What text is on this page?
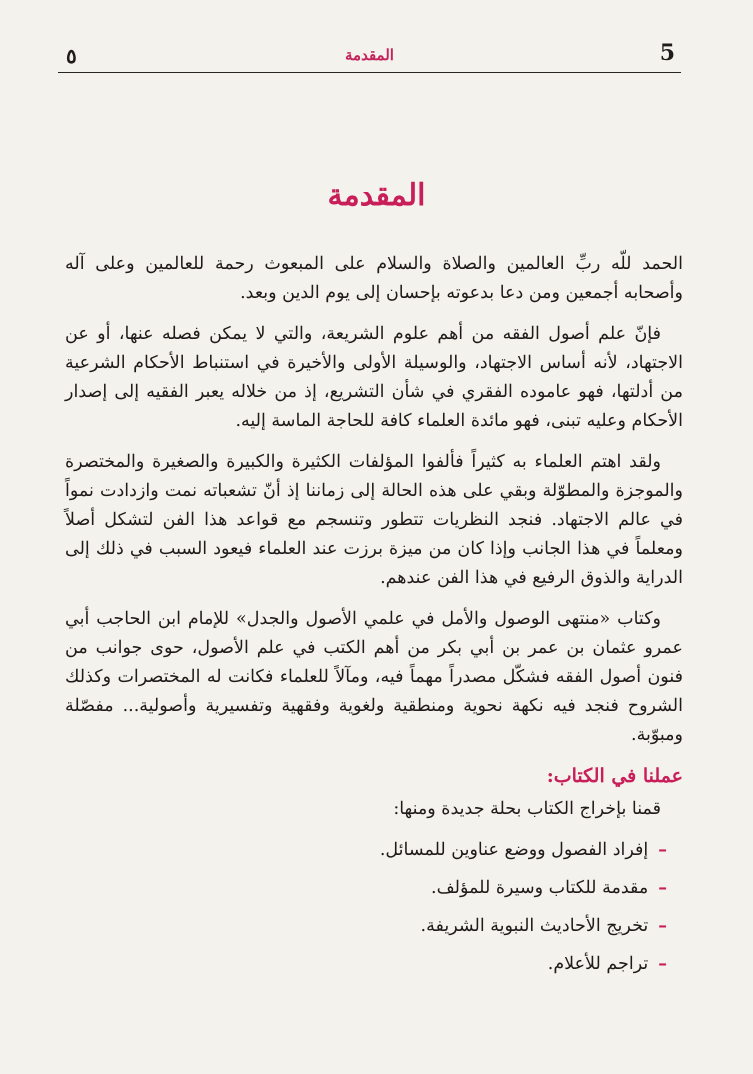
٥	المقدمة	5
المقدمة

الحمد للّه ربِّ العالمين والصلاة والسلام على المبعوث رحمة للعالمين وعلى آله وأصحابه أجمعين ومن دعا بدعوته بإحسان إلى يوم الدين وبعد.

فإنّ علم أصول الفقه من أهم علوم الشريعة، والتي لا يمكن فصله عنها، أو عن الاجتهاد، لأنه أساس الاجتهاد، والوسيلة الأولى والأخيرة في استنباط الأحكام الشرعية من أدلتها، فهو عاموده الفقري في شأن التشريع، إذ من خلاله يعبر الفقيه إلى إصدار الأحكام وعليه تبنى، فهو مائدة العلماء كافة للحاجة الماسة إليه.

ولقد اهتم العلماء به كثيراً فألفوا المؤلفات الكثيرة والكبيرة والصغيرة والمختصرة والموجزة والمطوّلة وبقي على هذه الحالة إلى زماننا إذ أنّ تشعباته نمت وازدادت نمواً في عالم الاجتهاد. فنجد النظريات تتطور وتنسجم مع قواعد هذا الفن لتشكل أصلاً ومعلماً في هذا الجانب وإذا كان من ميزة برزت عند العلماء فيعود السبب في ذلك إلى الدراية والذوق الرفيع في هذا الفن عندهم.

وكتاب «منتهى الوصول والأمل في علمي الأصول والجدل» للإمام ابن الحاجب أبي عمرو عثمان بن عمر بن أبي بكر من أهم الكتب في علم الأصول، حوى جوانب من فنون أصول الفقه فشكّل مصدراً مهماً فيه، ومآلاً للعلماء فكانت له المختصرات وكذلك الشروح فنجد فيه نكهة نحوية ومنطقية ولغوية وفقهية وتفسيرية وأصولية... مفصّلة ومبوّبة.

عملنا في الكتاب:

قمنا بإخراج الكتاب بحلة جديدة ومنها:

–إفراد الفصول ووضع عناوين للمسائل.
–مقدمة للكتاب وسيرة للمؤلف.
–تخريج الأحاديث النبوية الشريفة.
–تراجم للأعلام.
